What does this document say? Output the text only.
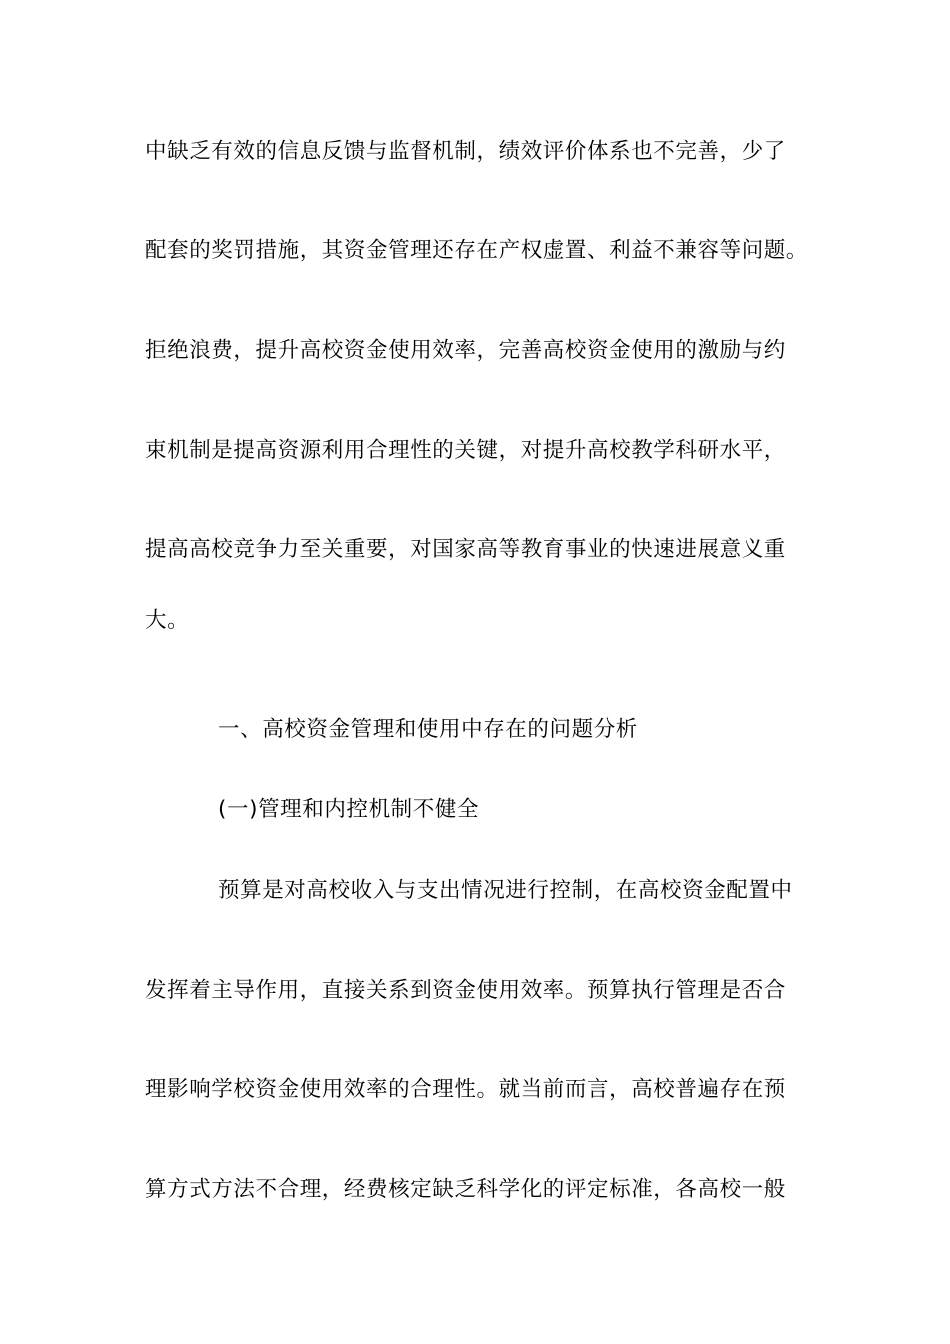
中缺乏有效的信息反馈与监督机制，绩效评价体系也不完善，少了
配套的奖罚措施，其资金管理还存在产权虚置、利益不兼容等问题。
拒绝浪费，提升高校资金使用效率，完善高校资金使用的激励与约
束机制是提高资源利用合理性的关键，对提升高校教学科研水平，
提高高校竞争力至关重要，对国家高等教育事业的快速进展意义重
大。
一、高校资金管理和使用中存在的问题分析
(一)管理和内控机制不健全
预算是对高校收入与支出情况进行控制，在高校资金配置中
发挥着主导作用，直接关系到资金使用效率。预算执行管理是否合
理影响学校资金使用效率的合理性。就当前而言，高校普遍存在预
算方式方法不合理，经费核定缺乏科学化的评定标准，各高校一般
